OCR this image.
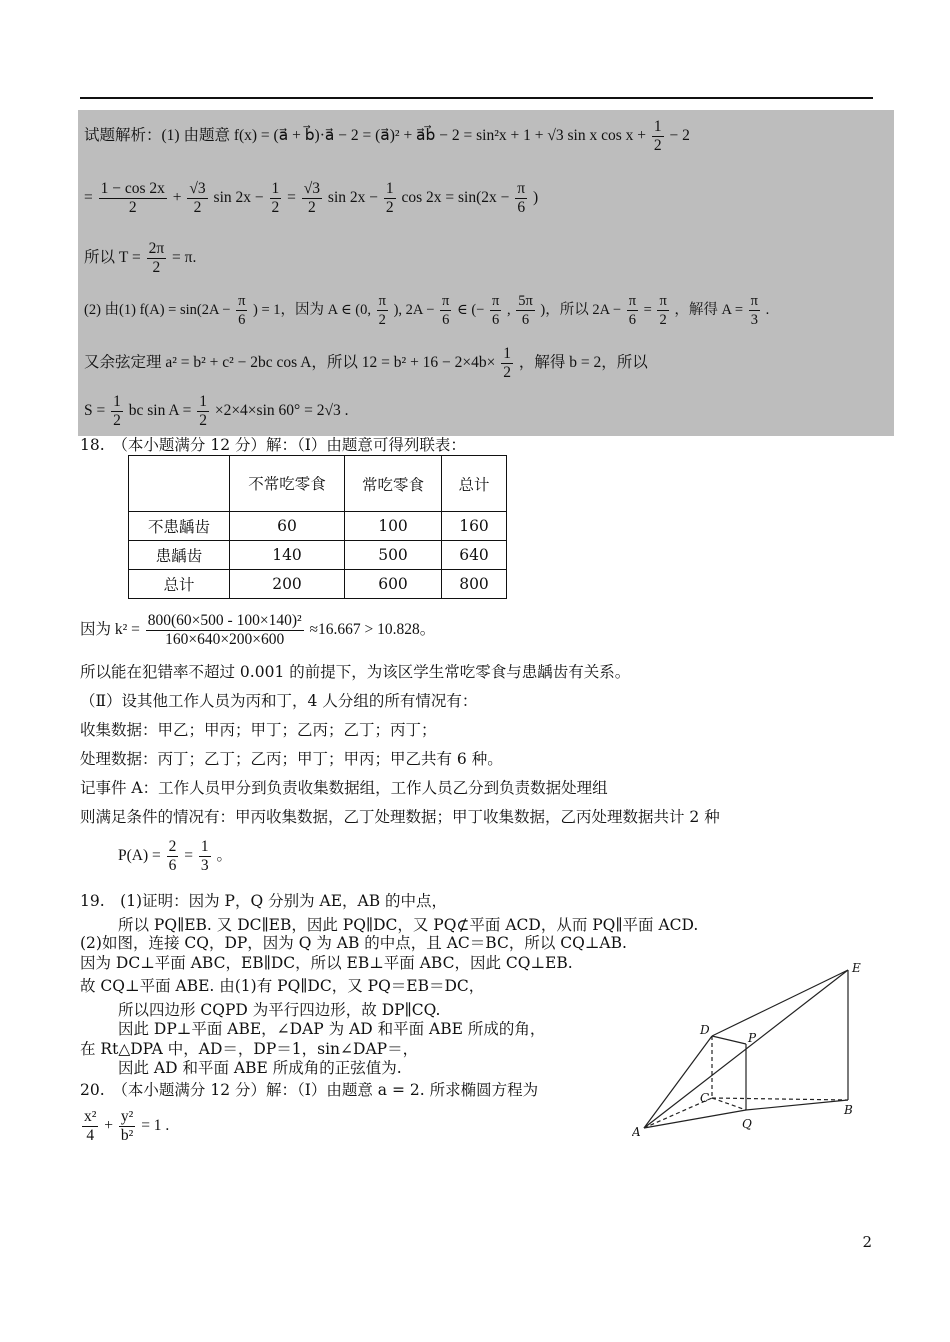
试题解析：(1) 由题意 f(x) = (a⃗ + b⃗)·a⃗ − 2 = (a⃗)² + a⃗b⃗ − 2 = sin²x + 1 + √3 sin x $\cos x + \frac{1}{2} - 2$
= $\frac{1 - \cos 2x}{2} + \frac{√3}{2}$ $\sin 2x - \frac{1}{2} = \frac{√3}{2}$ $\sin 2x - \frac{1}{2}$ $\cos 2x = \sin(2x - \frac{\pi}{6}$ )
所以 $T = \frac{2\pi}{2} = \pi$.
(2) 由(1) $f(A) = \sin(2A - \frac{\pi}{6}$ ) = 1，因为 A ∈ (0, $\frac{\pi}{2}$ ), $2A - \frac{\pi}{6}$ ∈ (− $\frac{\pi}{6}$ , $\frac{5\pi}{6}$ )，所以 $2A - \frac{\pi}{6} = \frac{\pi}{2}$ ，解得 $A = \frac{\pi}{3}$ .
又余弦定理 a² = b² + c² − 2bc cos A，所以 $12 = b^2 + 16 - 2\times 4b\times \frac{1}{2}$ ，解得 b = 2，所以
$S = \frac{1}{2}$ bc $\sin A = \frac{1}{2} \times 2\times 4\times\sin$ 60° = 2√3 .
18.　（本小题满分 12 分）解：（Ⅰ）由题意可得列联表：
	不常吃零食	常吃零食	总计
不患龋齿	60	100	160
患龋齿	140	500	640
总计	200	600	800
因为 $k^2 = \frac{\text{800(60×500 - 100×140)²}}{160\times 640\times 200\times 600} \approx 16.667 > 10.828$。
所以能在犯错率不超过 0.001 的前提下，为该区学生常吃零食与患龋齿有关系。
（Ⅱ）设其他工作人员为丙和丁，4 人分组的所有情况有：
收集数据：甲乙；甲丙；甲丁；乙丙；乙丁；丙丁；
处理数据：丙丁；乙丁；乙丙；甲丁；甲丙；甲乙共有 6 种。
记事件 A：工作人员甲分到负责收集数据组，工作人员乙分到负责数据处理组
则满足条件的情况有：甲丙收集数据，乙丁处理数据；甲丁收集数据，乙丙处理数据共计 2 种
$P(A) = \frac{2}{6} = \frac{1}{3}$ 。
19.　(1)证明：因为 P，Q 分别为 AE，AB 的中点，
所以 PQ∥EB. 又 DC∥EB，因此 PQ∥DC，又 PQ⊄平面 ACD，从而 PQ∥平面 ACD.
(2)如图，连接 CQ，DP，因为 Q 为 AB 的中点，且 AC＝BC，所以 CQ⊥AB.
因为 DC⊥平面 ABC，EB∥DC，所以 EB⊥平面 ABC，因此 CQ⊥EB.
故 CQ⊥平面 ABE. 由(1)有 PQ∥DC，又 PQ＝EB＝DC，
所以四边形 CQPD 为平行四边形，故 DP∥CQ.
因此 DP⊥平面 ABE，∠DAP 为 AD 和平面 ABE 所成的角，
在 Rt△DPA 中，AD＝，DP＝1，sin∠DAP＝，
因此 AD 和平面 ABE 所成角的正弦值为.
20.　（本小题满分 12 分）解：（Ⅰ）由题意 a = 2. 所求椭圆方程为
$\frac{\text{x²}}{4} + \frac{\text{y²}}{\text{b²}} = 1$ .
E
D
P
C
B
A
Q
2
